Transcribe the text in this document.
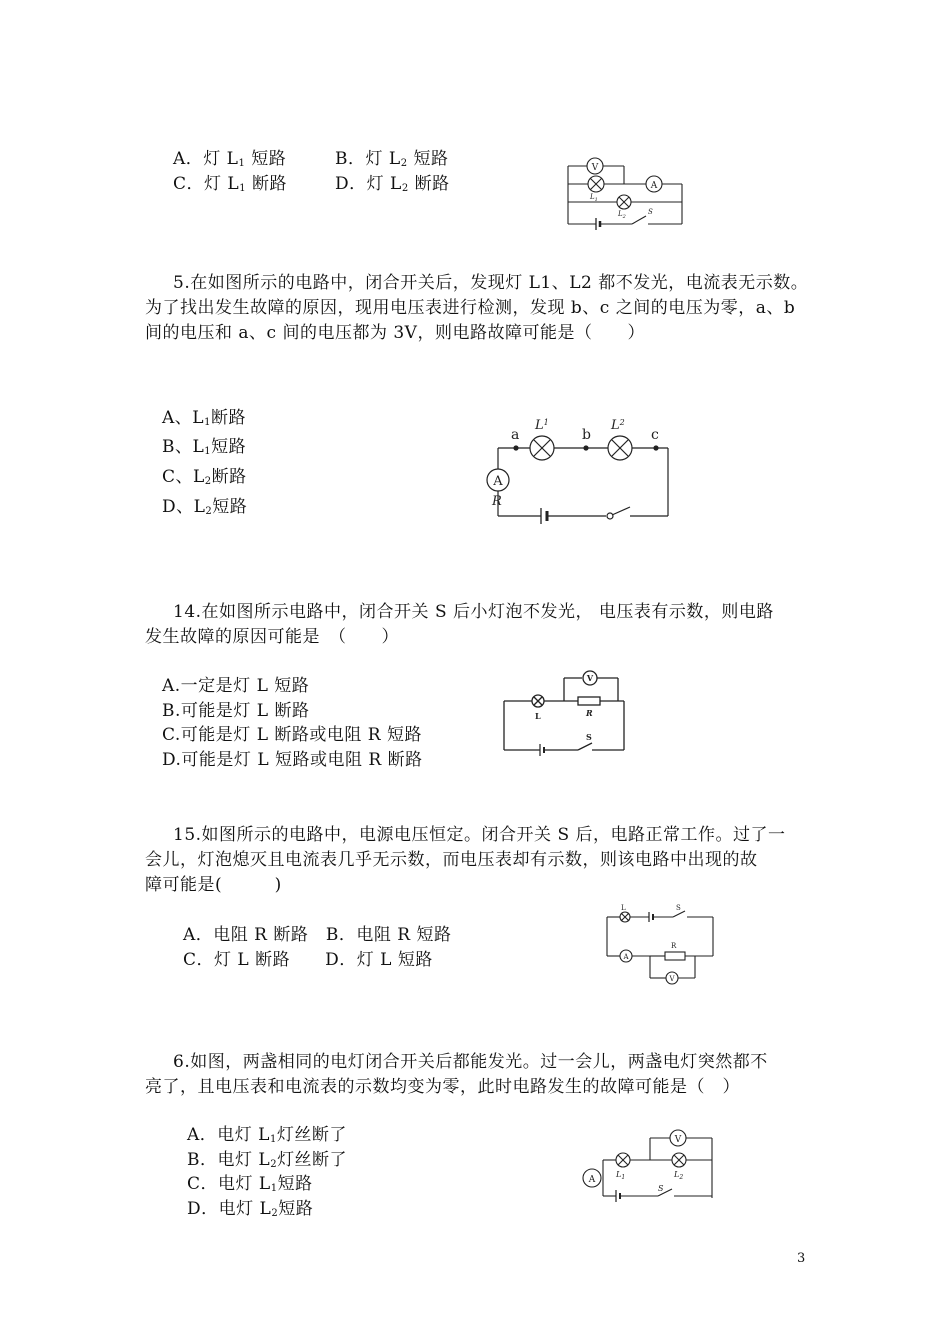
A．灯 $L_1$ 短路	B．灯 $L_2$ 短路
C．灯 $L_1$ 断路	D．灯 $L_2$ 断路
V
A
$L_1$
$L_2$
S
5.在如图所示的电路中，闭合开关后，发现灯 L1、L2 都不发光，电流表无示数。
为了找出发生故障的原因，现用电压表进行检测，发现 b、c 之间的电压为零，a、b
间的电压和 a、c 间的电压都为 3V，则电路故障可能是（　　）
A、$L_1$断路
B、$L_1$短路
C、$L_2$断路
D、$L_2$短路
a	b	c
$L^1$	$L^2$
A
R
14.在如图所示电路中，闭合开关 S 后小灯泡不发光， 电压表有示数，则电路
发生故障的原因可能是　（　　）
A.一定是灯 L 短路
B.可能是灯 L 断路
C.可能是灯 L 断路或电阻 R 短路
D.可能是灯 L 短路或电阻 R 断路
L	R
V
S
15.如图所示的电路中，电源电压恒定。闭合开关 S 后，电路正常工作。过了一
会儿，灯泡熄灭且电流表几乎无示数，而电压表却有示数，则该电路中出现的故
障可能是(　　　)
A．电阻 R 断路　B．电阻 R 短路
C．灯 L 断路　　D．灯 L 短路
L	S
A
R
V
6.如图，两盏相同的电灯闭合开关后都能发光。过一会儿，两盏电灯突然都不
亮了，且电压表和电流表的示数均变为零，此时电路发生的故障可能是（　）
A．电灯 $L_1$灯丝断了
B．电灯 $L_2$灯丝断了
C．电灯 $L_1$短路
D．电灯 $L_2$短路
A
$L_1$	$L_2$
V
S
3
